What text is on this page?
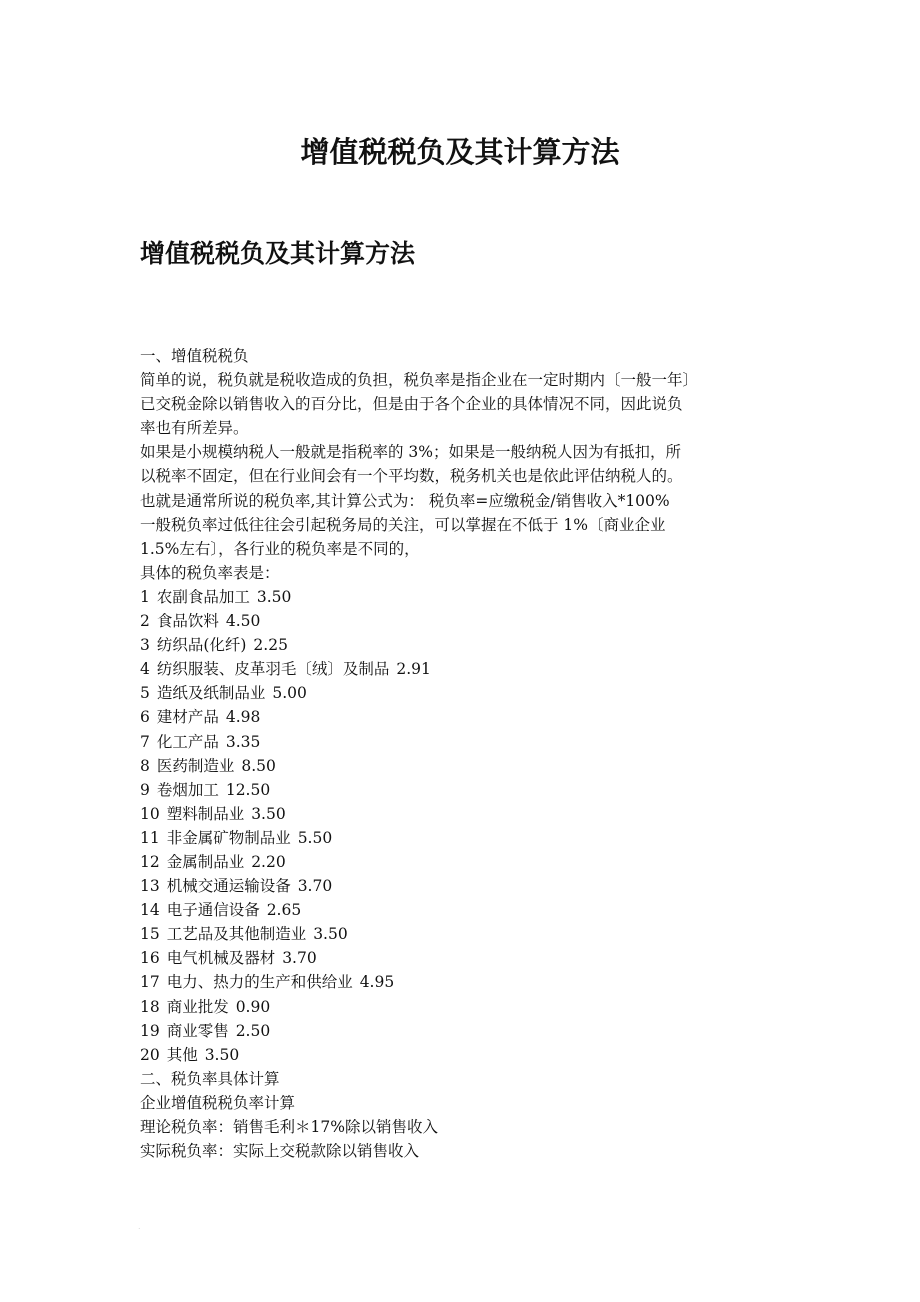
增值税税负及其计算方法
增值税税负及其计算方法

一、增值税税负

简单的说，税负就是税收造成的负担，税负率是指企业在一定时期内〔一般一年〕

已交税金除以销售收入的百分比，但是由于各个企业的具体情况不同，因此说负

率也有所差异。

如果是小规模纳税人一般就是指税率的 3%；如果是一般纳税人因为有抵扣，所

以税率不固定，但在行业间会有一个平均数，税务机关也是依此评估纳税人的。

也就是通常所说的税负率,其计算公式为： 税负率=应缴税金/销售收入*100%

一般税负率过低往往会引起税务局的关注，可以掌握在不低于 1%〔商业企业

1.5%左右〕，各行业的税负率是不同的，

具体的税负率表是：

1 农副食品加工 3.50
2 食品饮料 4.50
3 纺织品(化纤) 2.25
4 纺织服装、皮革羽毛〔绒〕及制品 2.91
5 造纸及纸制品业 5.00
6 建材产品 4.98
7 化工产品 3.35
8 医药制造业 8.50
9 卷烟加工 12.50
10 塑料制品业 3.50
11 非金属矿物制品业 5.50
12 金属制品业 2.20
13 机械交通运输设备 3.70
14 电子通信设备 2.65
15 工艺品及其他制造业 3.50
16 电气机械及器材 3.70
17 电力、热力的生产和供给业 4.95
18 商业批发 0.90
19 商业零售 2.50
20 其他 3.50

二、税负率具体计算

企业增值税税负率计算

理论税负率：销售毛利＊17%除以销售收入

实际税负率：实际上交税款除以销售收入

.
